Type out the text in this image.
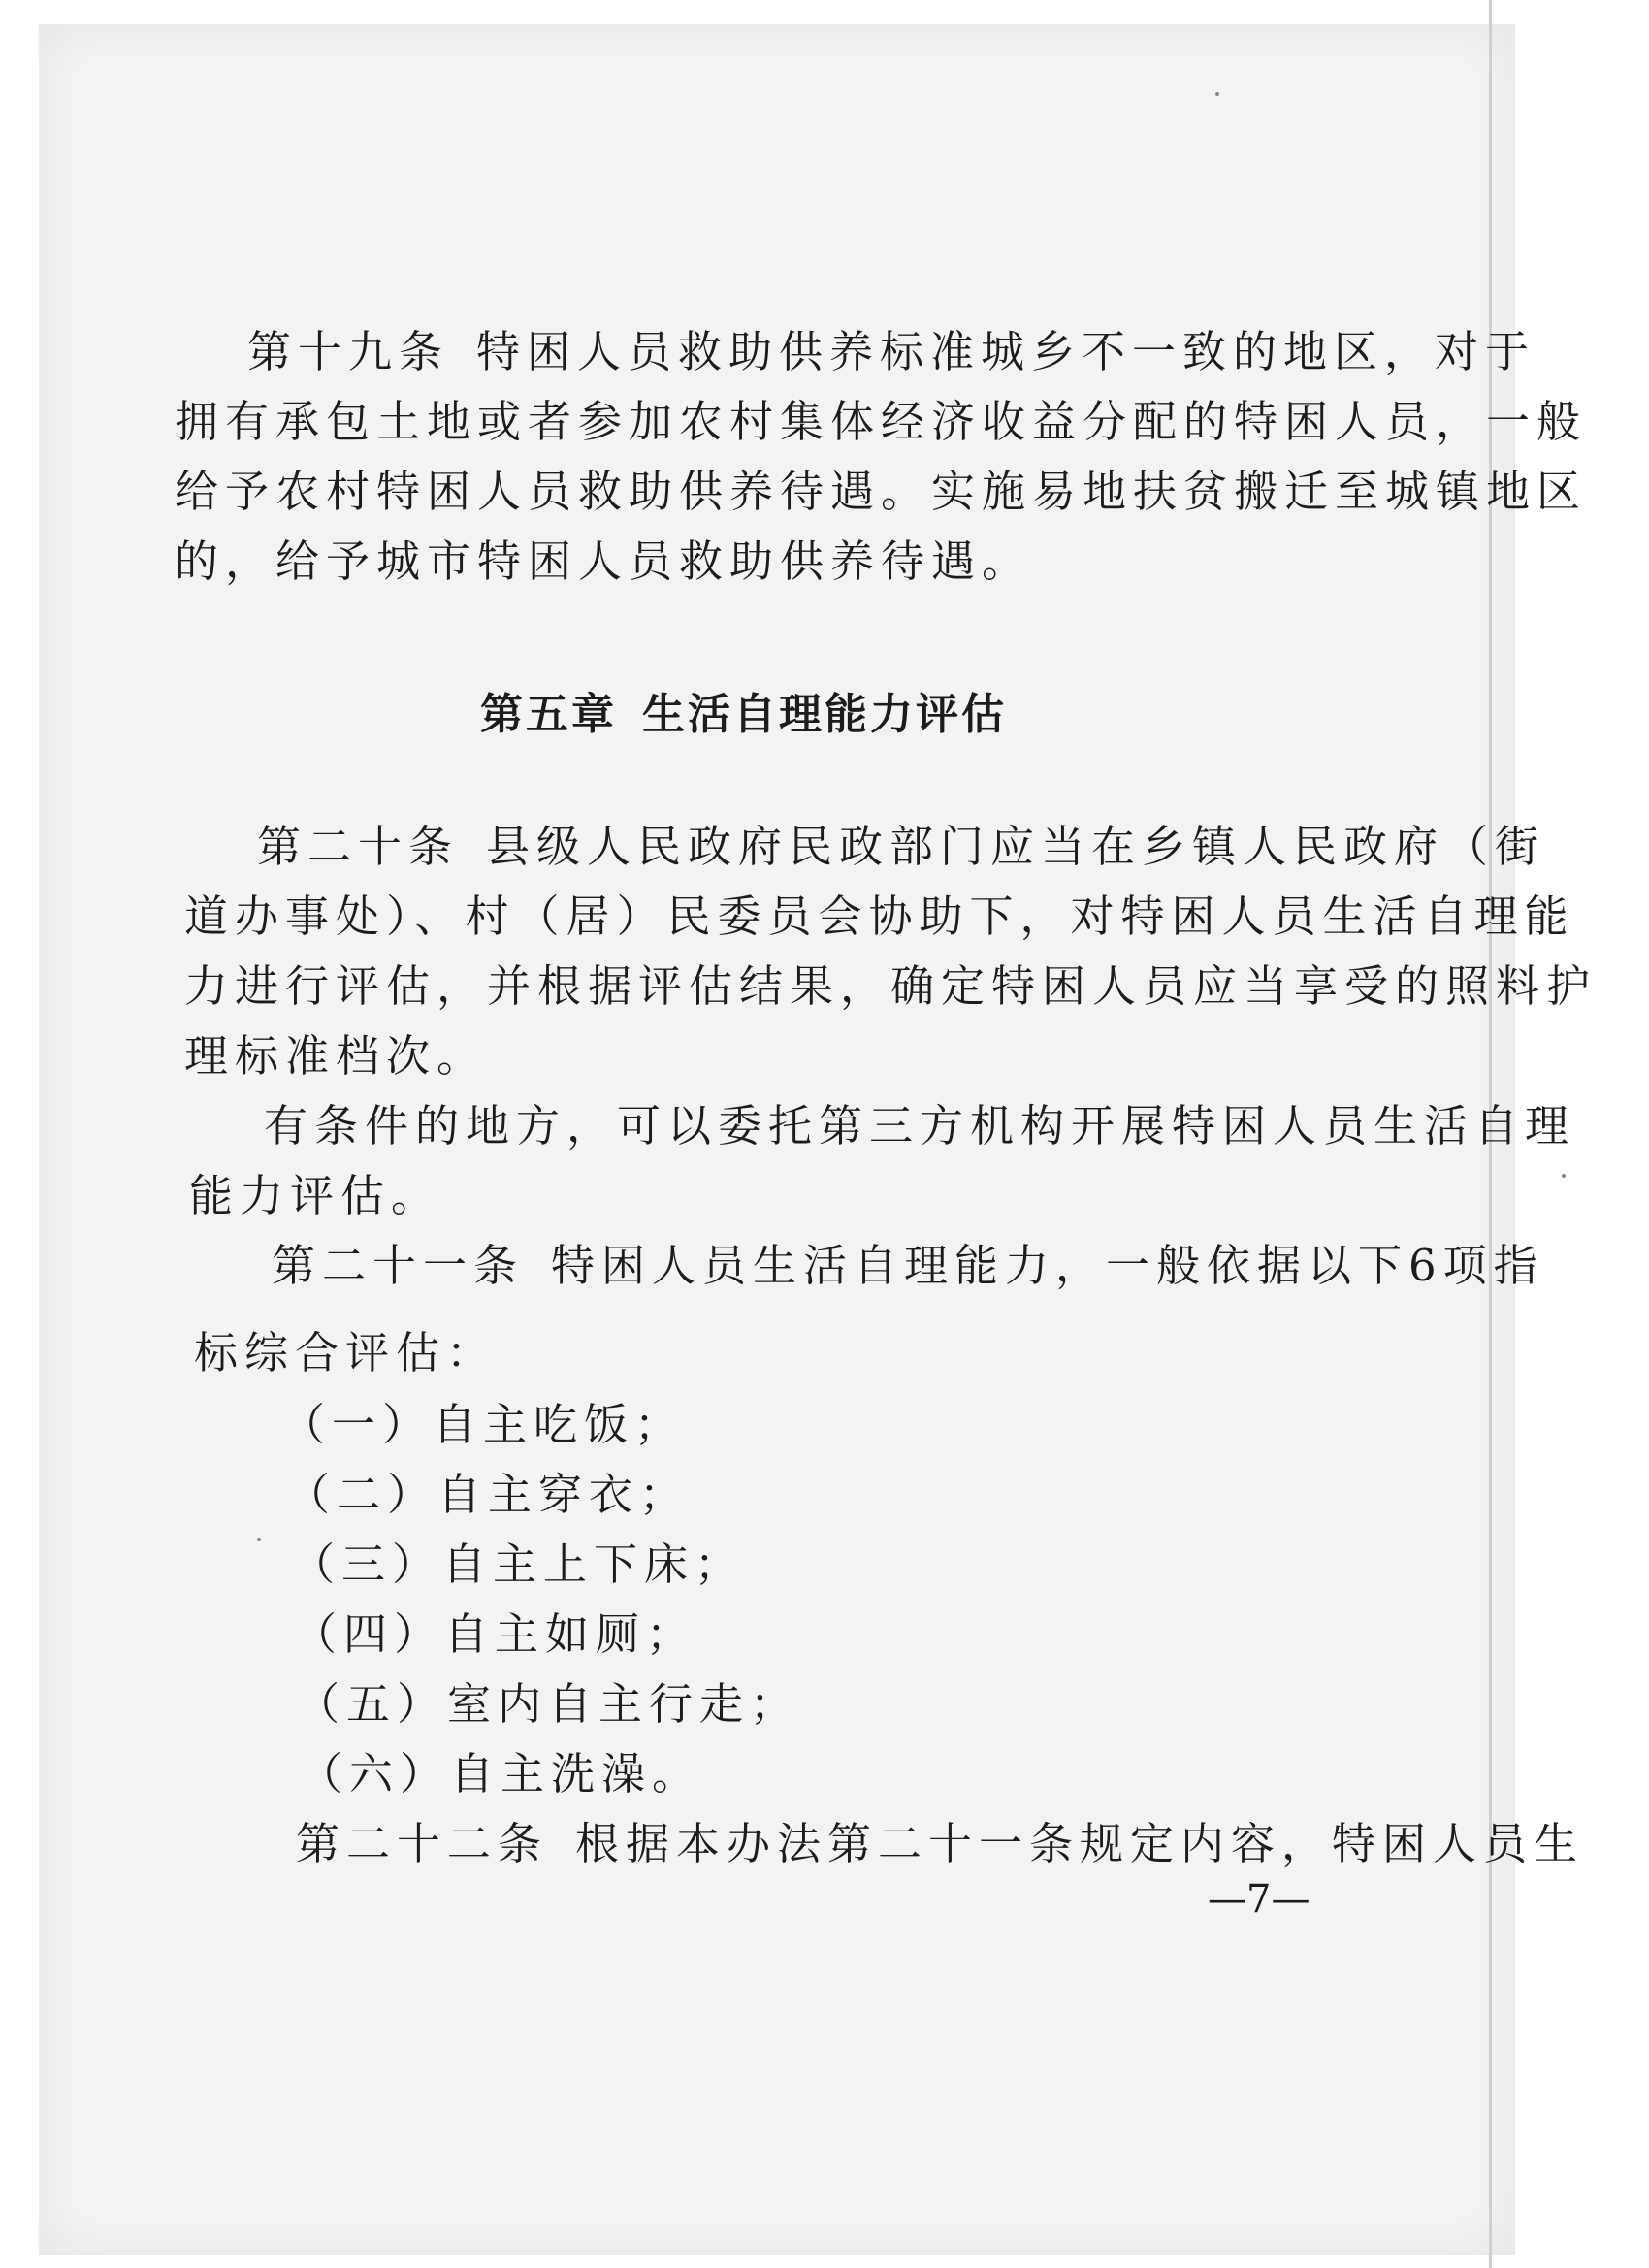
第十九条 特困人员救助供养标准城乡不一致的地区，对于
拥有承包土地或者参加农村集体经济收益分配的特困人员，一般
给予农村特困人员救助供养待遇。实施易地扶贫搬迁至城镇地区
的，给予城市特困人员救助供养待遇。
第五章 生活自理能力评估
第二十条 县级人民政府民政部门应当在乡镇人民政府（街
道办事处）、村（居）民委员会协助下，对特困人员生活自理能
力进行评估，并根据评估结果，确定特困人员应当享受的照料护
理标准档次。
有条件的地方，可以委托第三方机构开展特困人员生活自理
能力评估。
第二十一条 特困人员生活自理能力，一般依据以下6项指
标综合评估：
（一）自主吃饭；
（二）自主穿衣；
（三）自主上下床；
（四）自主如厕；
（五）室内自主行走；
（六）自主洗澡。
第二十二条 根据本办法第二十一条规定内容，特困人员生
—7—
